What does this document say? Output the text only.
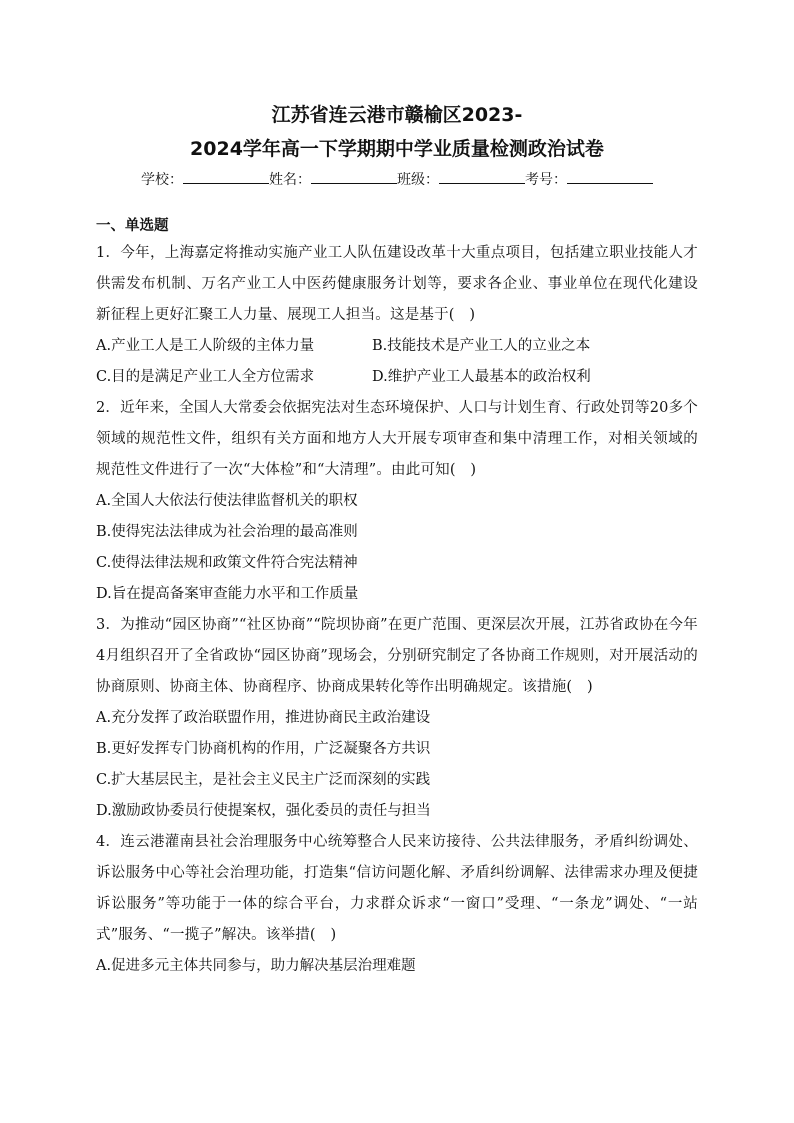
江苏省连云港市赣榆区2023-
2024学年高一下学期期中学业质量检测政治试卷
学校：	姓名：	班级：	考号：
一、单选题

1．今年，上海嘉定将推动实施产业工人队伍建设改革十大重点项目，包括建立职业技能人才供需发布机制、万名产业工人中医药健康服务计划等，要求各企业、事业单位在现代化建设新征程上更好汇聚工人力量、展现工人担当。这是基于(　)

A.产业工人是工人阶级的主体力量	B.技能技术是产业工人的立业之本
C.目的是满足产业工人全方位需求	D.维护产业工人最基本的政治权利

2．近年来，全国人大常委会依据宪法对生态环境保护、人口与计划生育、行政处罚等20多个领域的规范性文件，组织有关方面和地方人大开展专项审查和集中清理工作，对相关领域的规范性文件进行了一次“大体检”和“大清理”。由此可知(　)

A.全国人大依法行使法律监督机关的职权
B.使得宪法法律成为社会治理的最高准则
C.使得法律法规和政策文件符合宪法精神
D.旨在提高备案审查能力水平和工作质量

3．为推动“园区协商”“社区协商”“院坝协商”在更广范围、更深层次开展，江苏省政协在今年4月组织召开了全省政协“园区协商”现场会，分别研究制定了各协商工作规则，对开展活动的协商原则、协商主体、协商程序、协商成果转化等作出明确规定。该措施(　)

A.充分发挥了政治联盟作用，推进协商民主政治建设
B.更好发挥专门协商机构的作用，广泛凝聚各方共识
C.扩大基层民主，是社会主义民主广泛而深刻的实践
D.激励政协委员行使提案权，强化委员的责任与担当

4．连云港灌南县社会治理服务中心统筹整合人民来访接待、公共法律服务，矛盾纠纷调处、诉讼服务中心等社会治理功能，打造集“信访问题化解、矛盾纠纷调解、法律需求办理及便捷诉讼服务”等功能于一体的综合平台，力求群众诉求“一窗口”受理、“一条龙”调处、“一站式”服务、“一揽子”解决。该举措(　)

A.促进多元主体共同参与，助力解决基层治理难题
